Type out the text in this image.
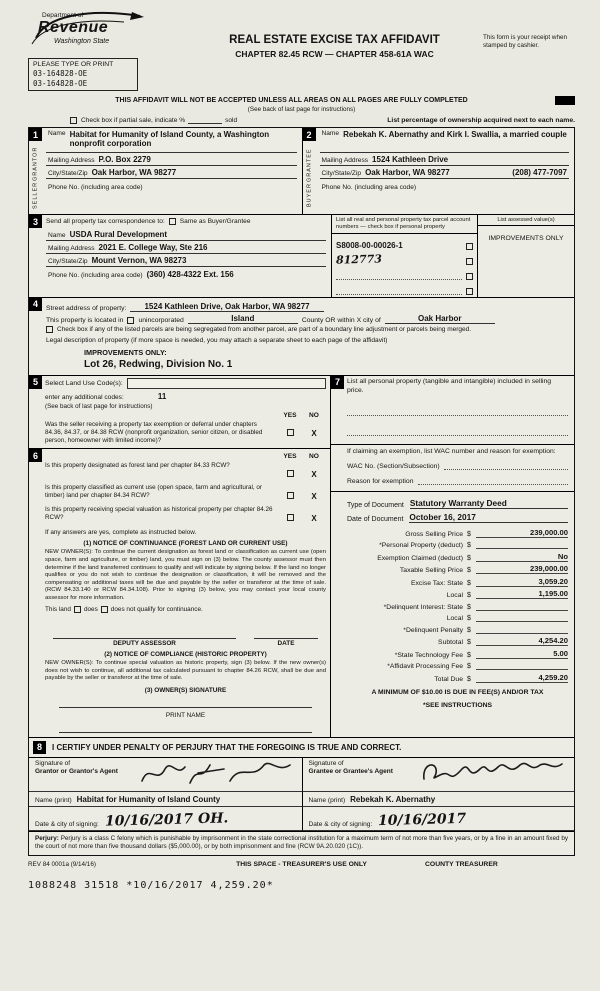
Department of
Revenue
Washington State
PLEASE TYPE OR PRINT
03-164828-OE
03-164828-OE
REAL ESTATE EXCISE TAX AFFIDAVIT
CHAPTER 82.45 RCW — CHAPTER 458-61A WAC
This form is your receipt when stamped by cashier.
THIS AFFIDAVIT WILL NOT BE ACCEPTED UNLESS ALL AREAS ON ALL PAGES ARE FULLY COMPLETED
(See back of last page for instructions)
Check box if partial sale, indicate %	sold	List percentage of ownership acquired next to each name.
1
SELLER
GRANTOR
Name Habitat for Humanity of Island County, a Washington nonprofit corporation
Mailing Address P.O. Box 2279
City/State/Zip Oak Harbor, WA 98277
Phone No. (including area code)
2
BUYER
GRANTEE
Name Rebekah K. Abernathy and Kirk I. Swallia, a married couple
Mailing Address 1524 Kathleen Drive
City/State/Zip Oak Harbor, WA 98277	(208) 477-7097
Phone No. (including area code)
3	Send all property tax correspondence to: Same as Buyer/Grantee
Name USDA Rural Development
Mailing Address 2021 E. College Way, Ste 216
City/State/Zip Mount Vernon, WA 98273
Phone No. (including area code) (360) 428-4322 Ext. 156
List all real and personal property tax parcel account numbers — check box if personal property
S8008-00-00026-1
812773
List assessed value(s)
IMPROVEMENTS ONLY
4	Street address of property:	1524 Kathleen Drive, Oak Harbor, WA 98277
This property is located in unincorporated	Island	County OR within X city of	Oak Harbor
Check box if any of the listed parcels are being segregated from another parcel, are part of a boundary line adjustment or parcels being merged.
Legal description of property (if more space is needed, you may attach a separate sheet to each page of the affidavit)
IMPROVEMENTS ONLY:
Lot 26, Redwing, Division No. 1
5	Select Land Use Code(s):
enter any additional codes:	11
(See back of last page for instructions)
YES	NO
Was the seller receiving a property tax exemption or deferral under chapters 84.36, 84.37, or 84.38 RCW (nonprofit organization, senior citizen, or disabled person, homeowner with limited income)?
X
6	YES	NO
Is this property designated as forest land per chapter 84.33 RCW?
X
Is this property classified as current use (open space, farm and agricultural, or timber) land per chapter 84.34 RCW?	X
Is this property receiving special valuation as historical property per chapter 84.26 RCW?	X
If any answers are yes, complete as instructed below.
(1) NOTICE OF CONTINUANCE (FOREST LAND OR CURRENT USE)
NEW OWNER(S): To continue the current designation as forest land or classification as current use (open space, farm and agriculture, or timber) land, you must sign on (3) below. The county assessor must then determine if the land transferred continues to qualify and will indicate by signing below. If the land no longer qualifies or you do not wish to continue the designation or classification, it will be removed and the compensating or additional taxes will be due and payable by the seller or transferor at the time of sale. (RCW 84.33.140 or RCW 84.34.108). Prior to signing (3) below, you may contact your local county assessor for more information.
This land does does not qualify for continuance.
DEPUTY ASSESSOR	DATE
(2) NOTICE OF COMPLIANCE (HISTORIC PROPERTY)
NEW OWNER(S): To continue special valuation as historic property, sign (3) below. If the new owner(s) does not wish to continue, all additional tax calculated pursuant to chapter 84.26 RCW, shall be due and payable by the seller or transferor at the time of sale.
(3) OWNER(S) SIGNATURE
PRINT NAME
7	List all personal property (tangible and intangible) included in selling price.
If claiming an exemption, list WAC number and reason for exemption:
WAC No. (Section/Subsection)
Reason for exemption
Type of Document Statutory Warranty Deed
Date of Document October 16, 2017
Gross Selling Price $	239,000.00
*Personal Property (deduct) $
Exemption Claimed (deduct) $	No
Taxable Selling Price $	239,000.00
Excise Tax: State $	3,059.20
Local $	1,195.00
*Delinquent Interest: State $
Local $
*Delinquent Penalty $
Subtotal $	4,254.20
*State Technology Fee $	5.00
*Affidavit Processing Fee $
Total Due $	4,259.20
A MINIMUM OF $10.00 IS DUE IN FEE(S) AND/OR TAX
*SEE INSTRUCTIONS
8	I CERTIFY UNDER PENALTY OF PERJURY THAT THE FOREGOING IS TRUE AND CORRECT.
Signature of
Grantor or Grantor's Agent
Signature of
Grantee or Grantee's Agent
Name (print) Habitat for Humanity of Island County	Name (print) Rebekah K. Abernathy
Date & city of signing: 10/16/2017 OH.	Date & city of signing: 10/16/2017
Perjury: Perjury is a class C felony which is punishable by imprisonment in the state correctional institution for a maximum term of not more than five years, or by a fine in an amount fixed by the court of not more than five thousand dollars ($5,000.00), or by both imprisonment and fine (RCW 9A.20.020 (1C)).
REV 84 0001a (9/14/16)	THIS SPACE - TREASURER'S USE ONLY	COUNTY TREASURER
1088248 31518 *10/16/2017 4,259.20*
